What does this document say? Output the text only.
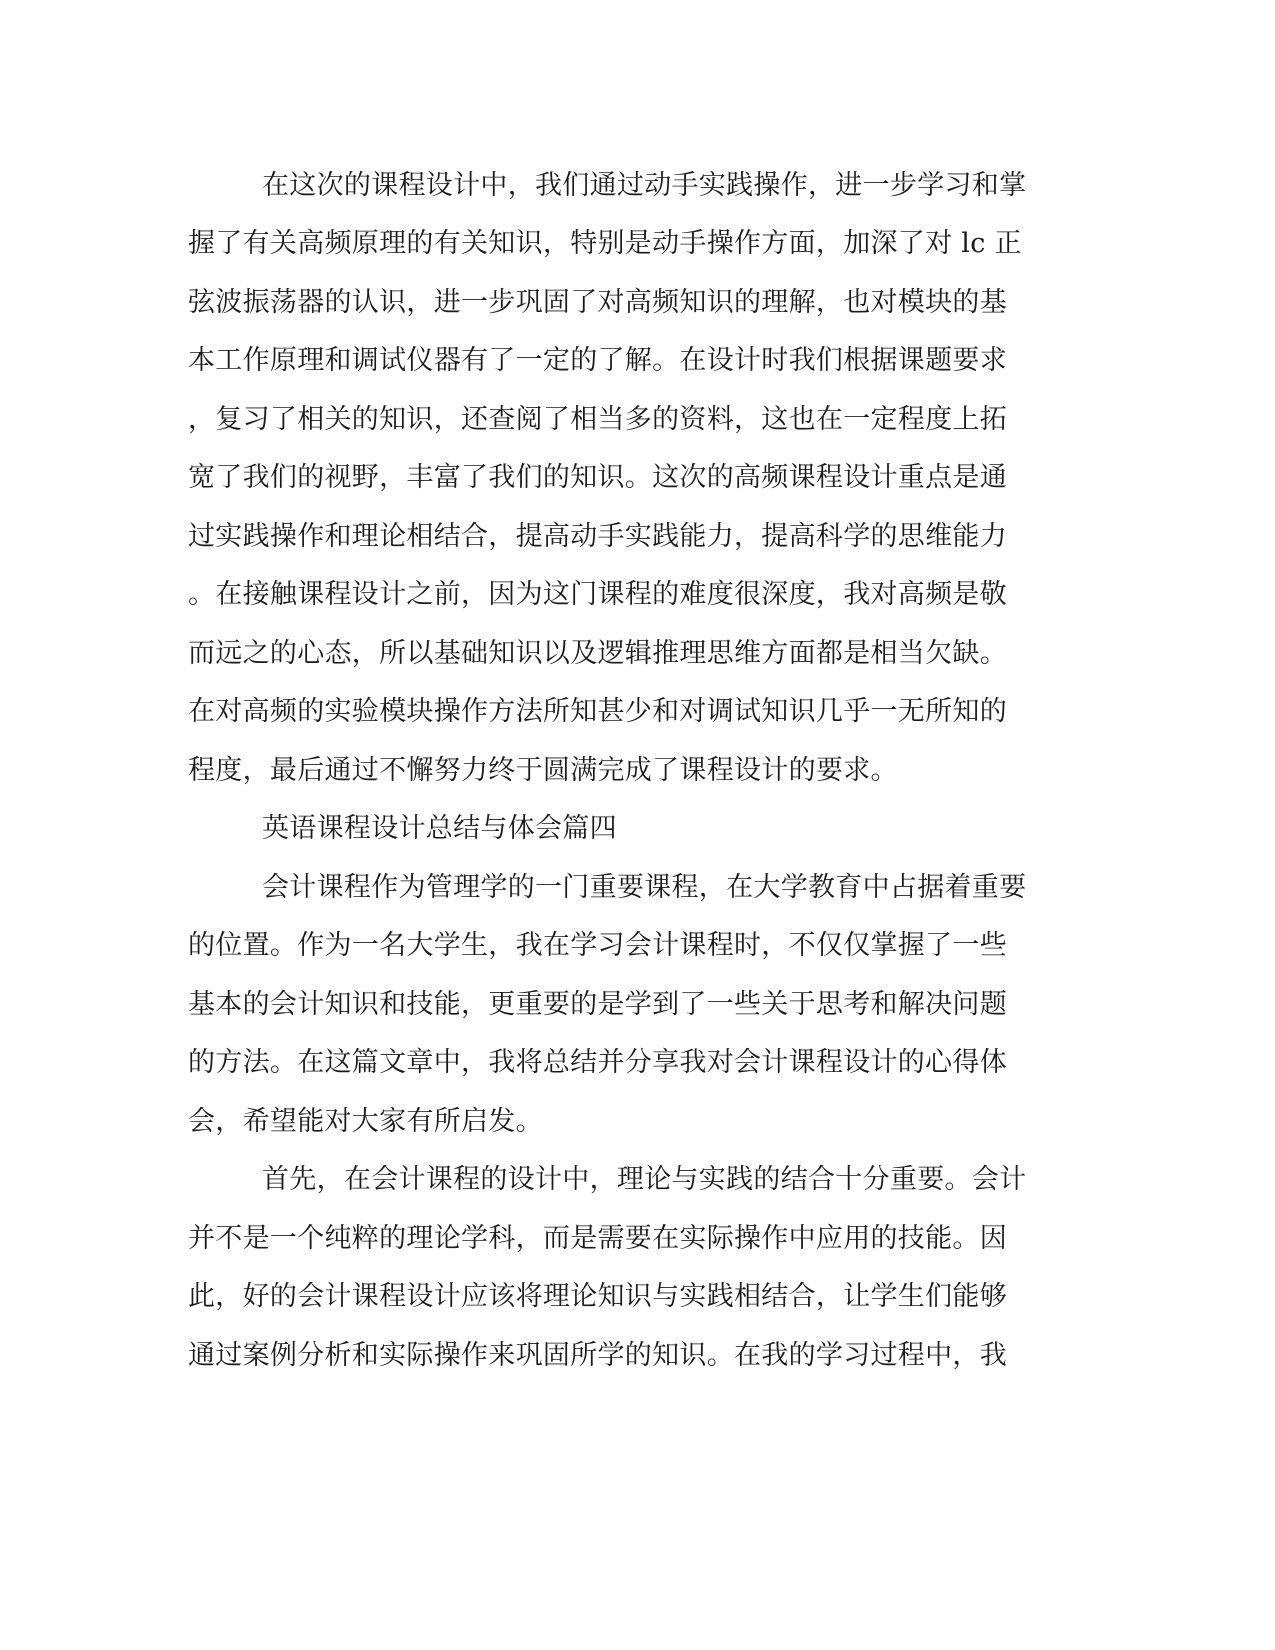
在这次的课程设计中，我们通过动手实践操作，进一步学习和掌
握了有关高频原理的有关知识，特别是动手操作方面，加深了对 lc 正
弦波振荡器的认识，进一步巩固了对高频知识的理解，也对模块的基
本工作原理和调试仪器有了一定的了解。在设计时我们根据课题要求
，复习了相关的知识，还查阅了相当多的资料，这也在一定程度上拓
宽了我们的视野，丰富了我们的知识。这次的高频课程设计重点是通
过实践操作和理论相结合，提高动手实践能力，提高科学的思维能力
。在接触课程设计之前，因为这门课程的难度很深度，我对高频是敬
而远之的心态，所以基础知识以及逻辑推理思维方面都是相当欠缺。
在对高频的实验模块操作方法所知甚少和对调试知识几乎一无所知的
程度，最后通过不懈努力终于圆满完成了课程设计的要求。
英语课程设计总结与体会篇四
会计课程作为管理学的一门重要课程，在大学教育中占据着重要
的位置。作为一名大学生，我在学习会计课程时，不仅仅掌握了一些
基本的会计知识和技能，更重要的是学到了一些关于思考和解决问题
的方法。在这篇文章中，我将总结并分享我对会计课程设计的心得体
会，希望能对大家有所启发。
首先，在会计课程的设计中，理论与实践的结合十分重要。会计
并不是一个纯粹的理论学科，而是需要在实际操作中应用的技能。因
此，好的会计课程设计应该将理论知识与实践相结合，让学生们能够
通过案例分析和实际操作来巩固所学的知识。在我的学习过程中，我
